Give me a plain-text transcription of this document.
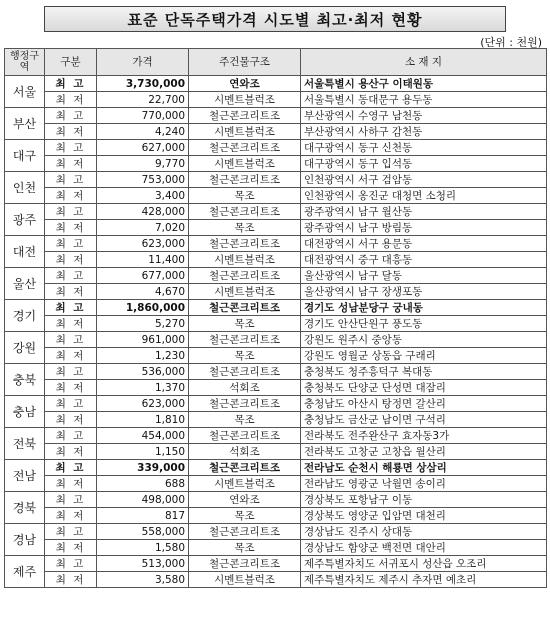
표준 단독주택가격 시도별 최고·최저 현황
(단위 : 천원)
행정구역	구분	가격	주건물구조	소 재 지
서울	최 고	3,730,000	연와조	서울특별시 용산구 이태원동
	최 저	22,700	시멘트블럭조	서울특별시 동대문구 용두동
부산	최 고	770,000	철근콘크리트조	부산광역시 수영구 남천동
	최 저	4,240	시멘트블럭조	부산광역시 사하구 감천동
대구	최 고	627,000	철근콘크리트조	대구광역시 동구 신천동
	최 저	9,770	시멘트블럭조	대구광역시 동구 입석동
인천	최 고	753,000	철근콘크리트조	인천광역시 서구 검암동
	최 저	3,400	목조	인천광역시 옹진군 대청면 소청리
광주	최 고	428,000	철근콘크리트조	광주광역시 남구 월산동
	최 저	7,020	목조	광주광역시 남구 방림동
대전	최 고	623,000	철근콘크리트조	대전광역시 서구 용문동
	최 저	11,400	시멘트블럭조	대전광역시 중구 대흥동
울산	최 고	677,000	철근콘크리트조	울산광역시 남구 달동
	최 저	4,670	시멘트블럭조	울산광역시 남구 장생포동
경기	최 고	1,860,000	철근콘크리트조	경기도 성남분당구 궁내동
	최 저	5,270	목조	경기도 안산단원구 풍도동
강원	최 고	961,000	철근콘크리트조	강원도 원주시 중앙동
	최 저	1,230	목조	강원도 영월군 상동읍 구래리
충북	최 고	536,000	철근콘크리트조	충청북도 청주흥덕구 복대동
	최 저	1,370	석회조	충청북도 단양군 단성면 대잠리
충남	최 고	623,000	철근콘크리트조	충청남도 아산시 탕정면 갈산리
	최 저	1,810	목조	충청남도 금산군 남이면 구석리
전북	최 고	454,000	철근콘크리트조	전라북도 전주완산구 효자동3가
	최 저	1,150	석회조	전라북도 고창군 고창읍 월산리
전남	최 고	339,000	철근콘크리트조	전라남도 순천시 해룡면 상삼리
	최 저	688	시멘트블럭조	전라남도 영광군 낙월면 송이리
경북	최 고	498,000	연와조	경상북도 포항남구 이동
	최 저	817	목조	경상북도 영양군 입암면 대천리
경남	최 고	558,000	철근콘크리트조	경상남도 진주시 상대동
	최 저	1,580	목조	경상남도 함양군 백전면 대안리
제주	최 고	513,000	철근콘크리트조	제주특별자치도 서귀포시 성산읍 오조리
	최 저	3,580	시멘트블럭조	제주특별자치도 제주시 추자면 예초리
